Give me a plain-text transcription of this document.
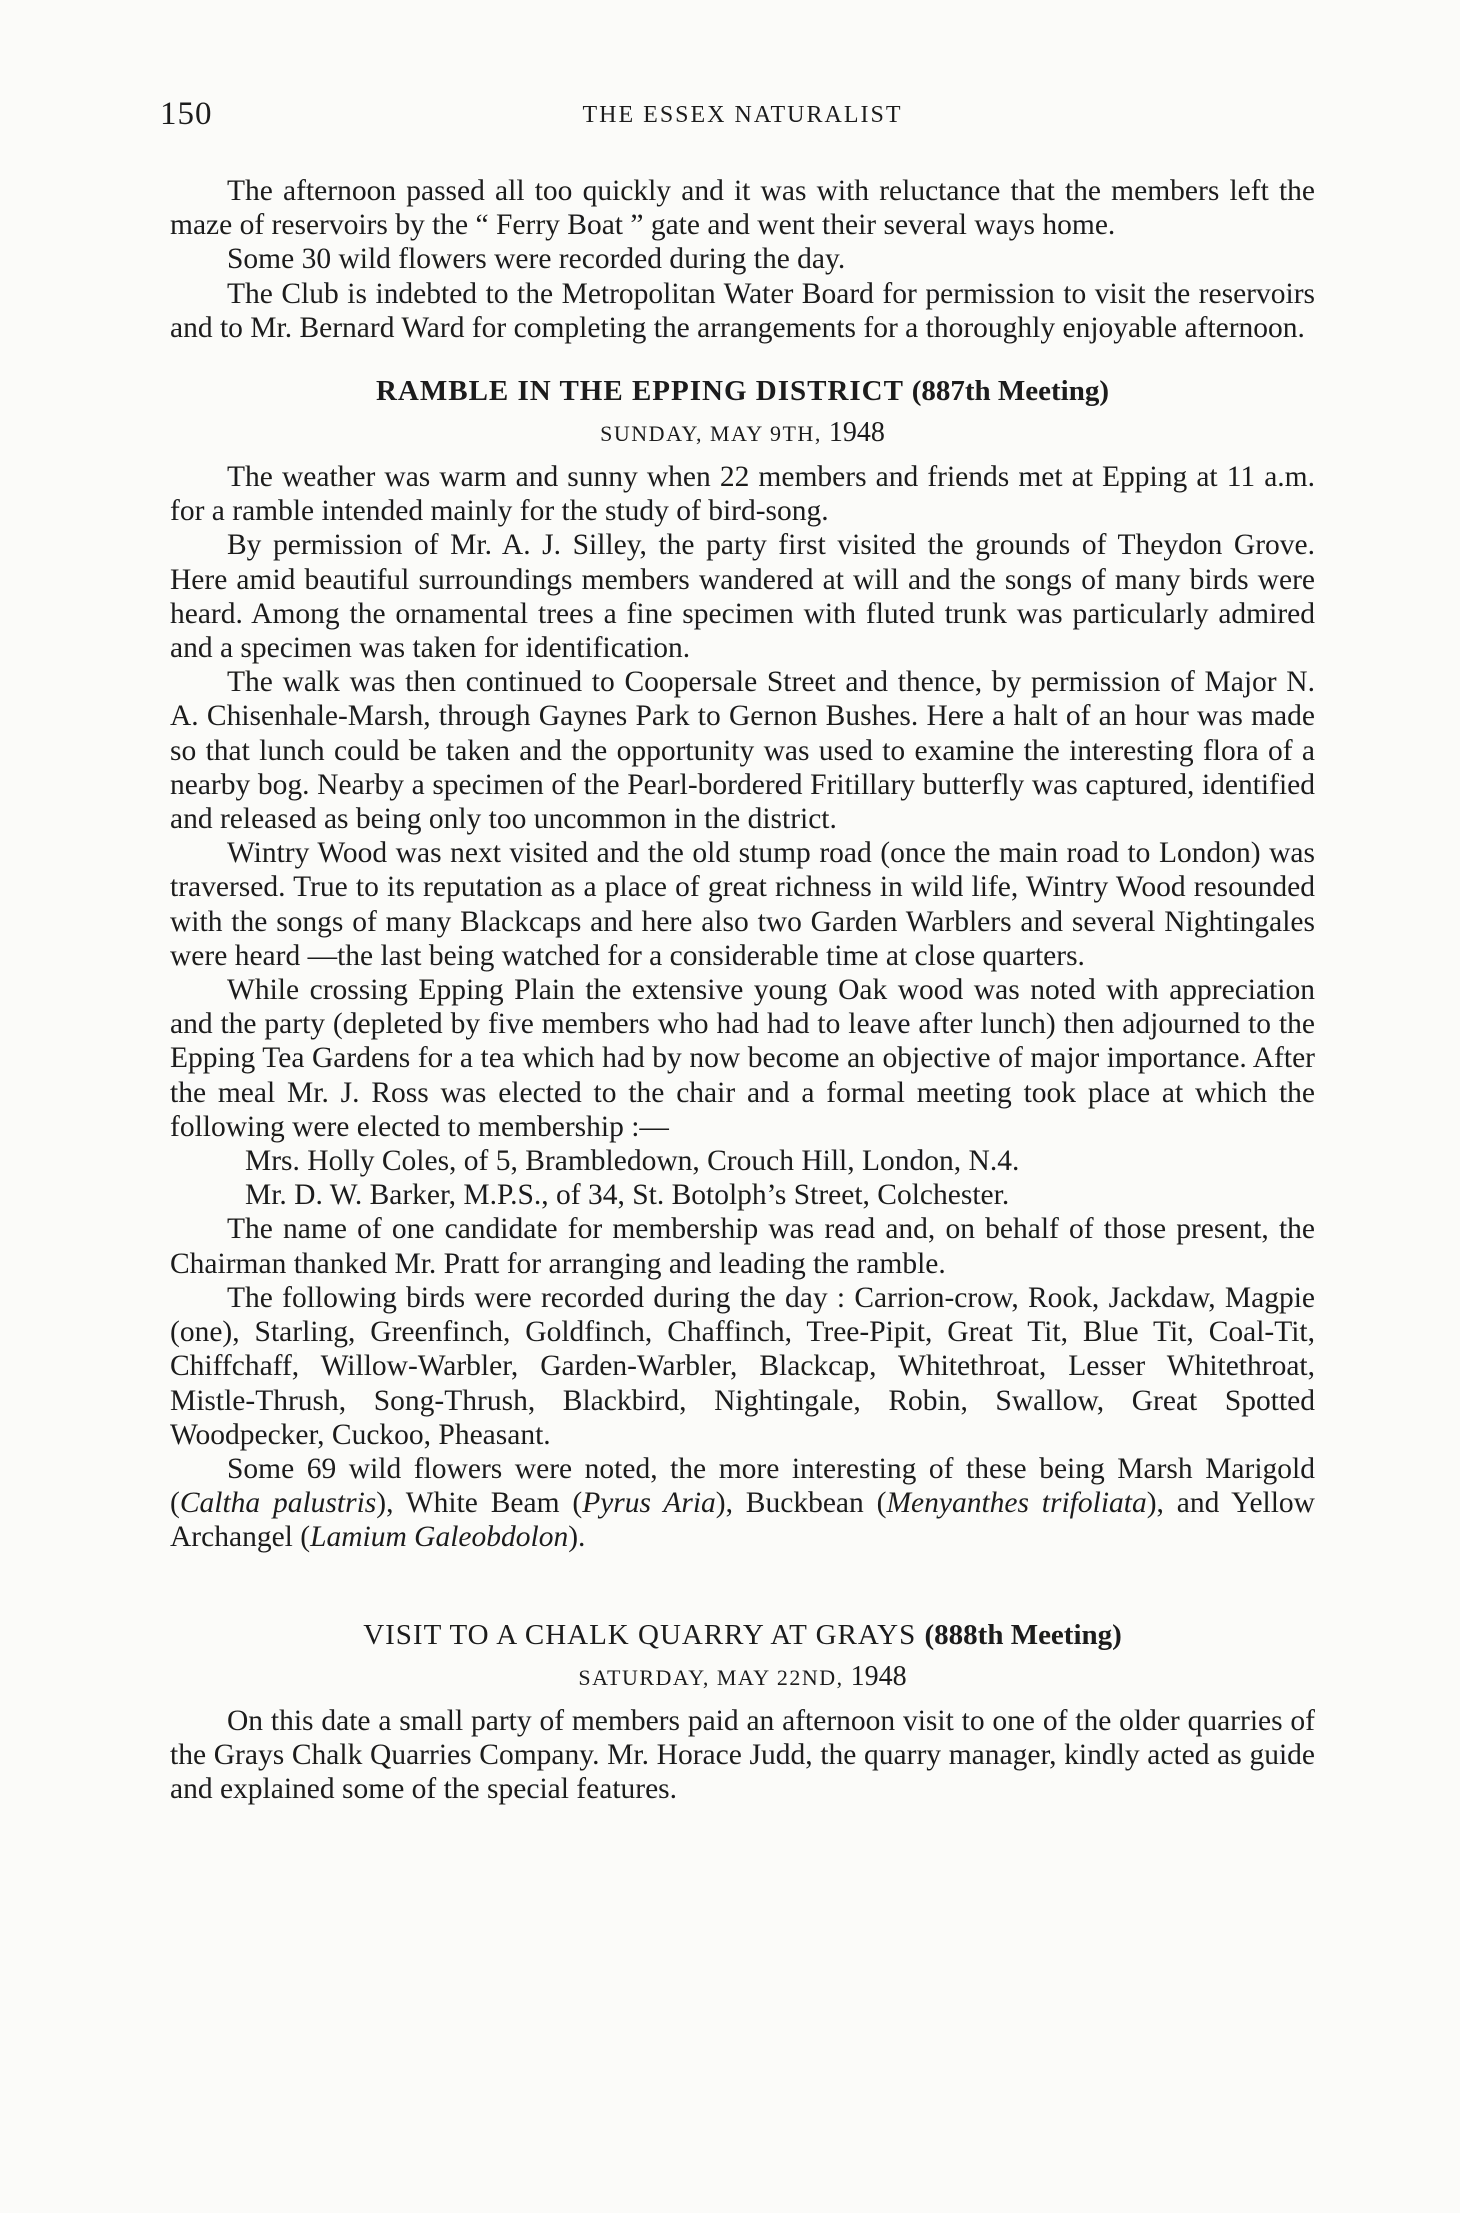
150	THE ESSEX NATURALIST

The afternoon passed all too quickly and it was with reluctance that the members left the maze of reservoirs by the “ Ferry Boat ” gate and went their several ways home.

Some 30 wild flowers were recorded during the day.

The Club is indebted to the Metropolitan Water Board for permission to visit the reservoirs and to Mr. Bernard Ward for completing the arrangements for a thoroughly enjoyable afternoon.

RAMBLE IN THE EPPING DISTRICT (887th Meeting)
SUNDAY, MAY 9TH, 1948

The weather was warm and sunny when 22 members and friends met at Epping at 11 a.m. for a ramble intended mainly for the study of bird-song.

By permission of Mr. A. J. Silley, the party first visited the grounds of Theydon Grove. Here amid beautiful surroundings members wandered at will and the songs of many birds were heard. Among the ornamental trees a fine specimen with fluted trunk was particularly admired and a specimen was taken for identification.

The walk was then continued to Coopersale Street and thence, by permission of Major N. A. Chisenhale-Marsh, through Gaynes Park to Gernon Bushes. Here a halt of an hour was made so that lunch could be taken and the opportunity was used to examine the interesting flora of a nearby bog. Nearby a specimen of the Pearl-bordered Fritillary butterfly was captured, identified and released as being only too uncommon in the district.

Wintry Wood was next visited and the old stump road (once the main road to London) was traversed. True to its reputation as a place of great richness in wild life, Wintry Wood resounded with the songs of many Blackcaps and here also two Garden Warblers and several Nightingales were heard —the last being watched for a considerable time at close quarters.

While crossing Epping Plain the extensive young Oak wood was noted with appreciation and the party (depleted by five members who had had to leave after lunch) then adjourned to the Epping Tea Gardens for a tea which had by now become an objective of major importance. After the meal Mr. J. Ross was elected to the chair and a formal meeting took place at which the following were elected to membership :—

Mrs. Holly Coles, of 5, Brambledown, Crouch Hill, London, N.4.

Mr. D. W. Barker, M.P.S., of 34, St. Botolph’s Street, Colchester.

The name of one candidate for membership was read and, on behalf of those present, the Chairman thanked Mr. Pratt for arranging and leading the ramble.

The following birds were recorded during the day : Carrion-crow, Rook, Jackdaw, Magpie (one), Starling, Greenfinch, Goldfinch, Chaffinch, Tree-Pipit, Great Tit, Blue Tit, Coal-Tit, Chiffchaff, Willow-Warbler, Garden-Warbler, Blackcap, Whitethroat, Lesser Whitethroat, Mistle-Thrush, Song-Thrush, Blackbird, Nightingale, Robin, Swallow, Great Spotted Woodpecker, Cuckoo, Pheasant.

Some 69 wild flowers were noted, the more interesting of these being Marsh Marigold (Caltha palustris), White Beam (Pyrus Aria), Buckbean (Menyanthes trifoliata), and Yellow Archangel (Lamium Galeobdolon).

VISIT TO A CHALK QUARRY AT GRAYS (888th Meeting)
SATURDAY, MAY 22ND, 1948

On this date a small party of members paid an afternoon visit to one of the older quarries of the Grays Chalk Quarries Company. Mr. Horace Judd, the quarry manager, kindly acted as guide and explained some of the special features.
